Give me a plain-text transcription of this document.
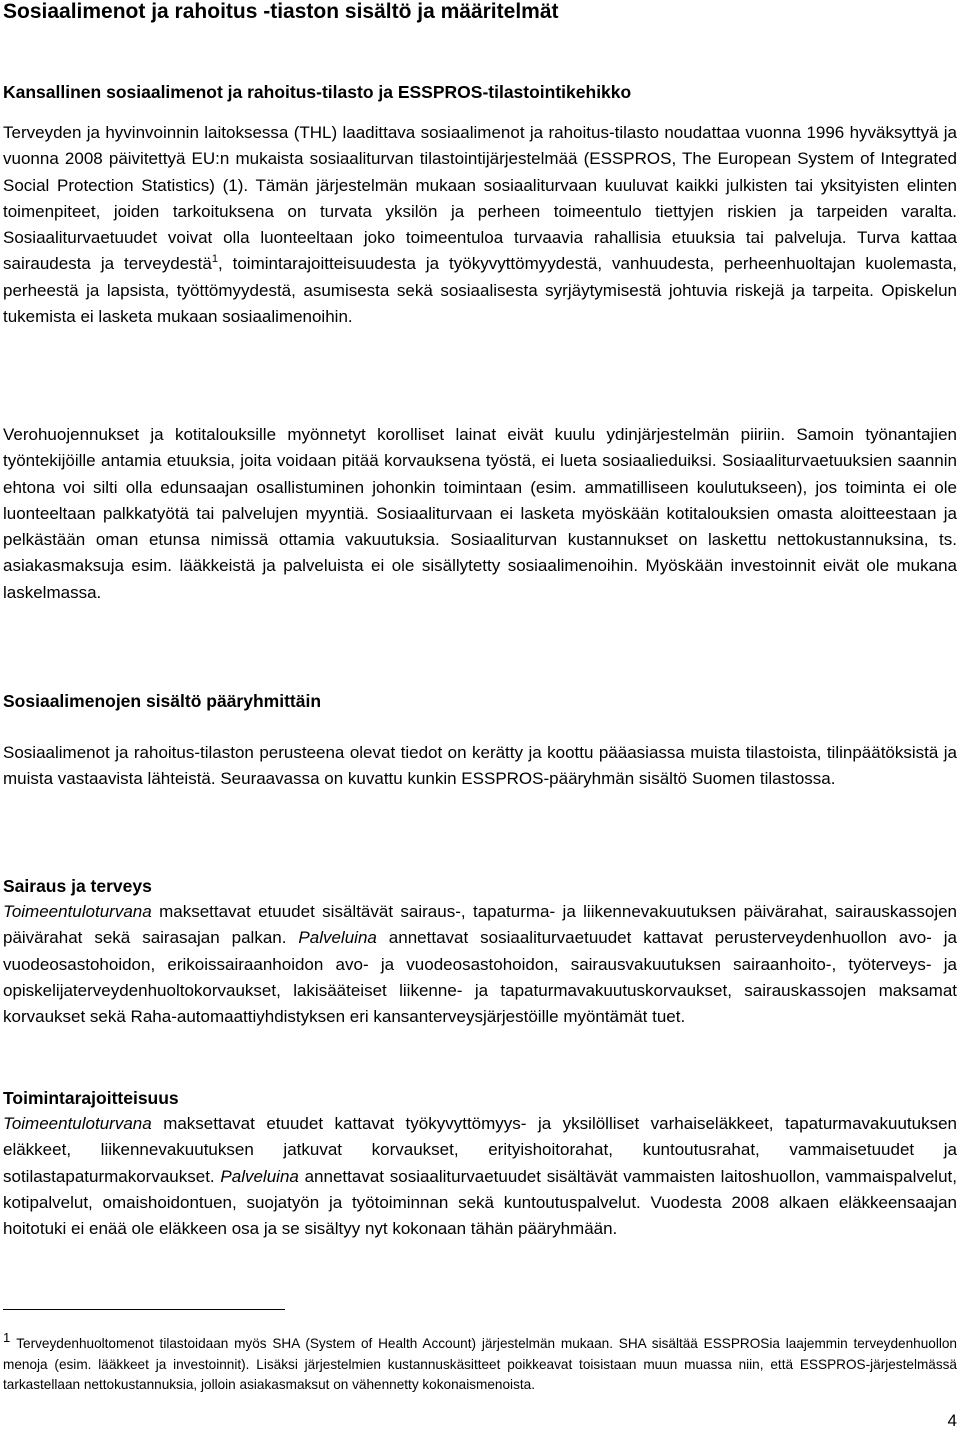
Sosiaalimenot ja rahoitus -tiaston sisältö ja määritelmät
Kansallinen sosiaalimenot ja rahoitus-tilasto ja ESSPROS-tilastointikehikko

Terveyden ja hyvinvoinnin laitoksessa (THL) laadittava sosiaalimenot ja rahoitus-tilasto noudattaa vuonna 1996 hyväksyttyä ja vuonna 2008 päivitettyä EU:n mukaista sosiaaliturvan tilastointijärjestelmää (ESSPROS, The European System of Integrated Social Protection Statistics) (1). Tämän järjestelmän mukaan sosiaaliturvaan kuuluvat kaikki julkisten tai yksityisten elinten toimenpiteet, joiden tarkoituksena on turvata yksilön ja perheen toimeentulo tiettyjen riskien ja tarpeiden varalta. Sosiaaliturvaetuudet voivat olla luonteeltaan joko toimeentuloa turvaavia rahallisia etuuksia tai palveluja. Turva kattaa sairaudesta ja terveydestä$^1$, toimintarajoitteisuudesta ja työkyvyttömyydestä, vanhuudesta, perheenhuoltajan kuolemasta, perheestä ja lapsista, työttömyydestä, asumisesta sekä sosiaalisesta syrjäytymisestä johtuvia riskejä ja tarpeita. Opiskelun tukemista ei lasketa mukaan sosiaalimenoihin.

Verohuojennukset ja kotitalouksille myönnetyt korolliset lainat eivät kuulu ydinjärjestelmän piiriin. Samoin työnantajien työntekijöille antamia etuuksia, joita voidaan pitää korvauksena työstä, ei lueta sosiaalieduiksi. Sosiaaliturvaetuuksien saannin ehtona voi silti olla edunsaajan osallistuminen johonkin toimintaan (esim. ammatilliseen koulutukseen), jos toiminta ei ole luonteeltaan palkkatyötä tai palvelujen myyntiä. Sosiaaliturvaan ei lasketa myöskään kotitalouksien omasta aloitteestaan ja pelkästään oman etunsa nimissä ottamia vakuutuksia. Sosiaaliturvan kustannukset on laskettu nettokustannuksina, ts. asiakasmaksuja esim. lääkkeistä ja palveluista ei ole sisällytetty sosiaalimenoihin. Myöskään investoinnit eivät ole mukana laskelmassa.

Sosiaalimenojen sisältö pääryhmittäin

Sosiaalimenot ja rahoitus-tilaston perusteena olevat tiedot on kerätty ja koottu pääasiassa muista tilastoista, tilinpäätöksistä ja muista vastaavista lähteistä. Seuraavassa on kuvattu kunkin ESSPROS-pääryhmän sisältö Suomen tilastossa.

Sairaus ja terveys

Toimeentuloturvana maksettavat etuudet sisältävät sairaus-, tapaturma- ja liikennevakuutuksen päivärahat, sairauskassojen päivärahat sekä sairasajan palkan. Palveluina annettavat sosiaaliturvaetuudet kattavat perusterveydenhuollon avo- ja vuodeosastohoidon, erikoissairaanhoidon avo- ja vuodeosastohoidon, sairausvakuutuksen sairaanhoito-, työterveys- ja opiskelijaterveydenhuoltokorvaukset, lakisääteiset liikenne- ja tapaturmavakuutuskorvaukset, sairauskassojen maksamat korvaukset sekä Raha-automaattiyhdistyksen eri kansanterveysjärjestöille myöntämät tuet.

Toimintarajoitteisuus

Toimeentuloturvana maksettavat etuudet kattavat työkyvyttömyys- ja yksilölliset varhaiseläkkeet, tapaturmavakuutuksen eläkkeet, liikennevakuutuksen jatkuvat korvaukset, erityishoitorahat, kuntoutusrahat, vammaisetuudet ja sotilastapaturmakorvaukset. Palveluina annettavat sosiaaliturvaetuudet sisältävät vammaisten laitoshuollon, vammaispalvelut, kotipalvelut, omaishoidontuen, suojatyön ja työtoiminnan sekä kuntoutuspalvelut. Vuodesta 2008 alkaen eläkkeensaajan hoitotuki ei enää ole eläkkeen osa ja se sisältyy nyt kokonaan tähän pääryhmään.

$^1$ Terveydenhuoltomenot tilastoidaan myös SHA (System of Health Account) järjestelmän mukaan. SHA sisältää ESSPROSia laajemmin terveydenhuollon menoja (esim. lääkkeet ja investoinnit). Lisäksi järjestelmien kustannuskäsitteet poikkeavat toisistaan muun muassa niin, että ESSPROS-järjestelmässä tarkastellaan nettokustannuksia, jolloin asiakasmaksut on vähennetty kokonaismenoista.
4
